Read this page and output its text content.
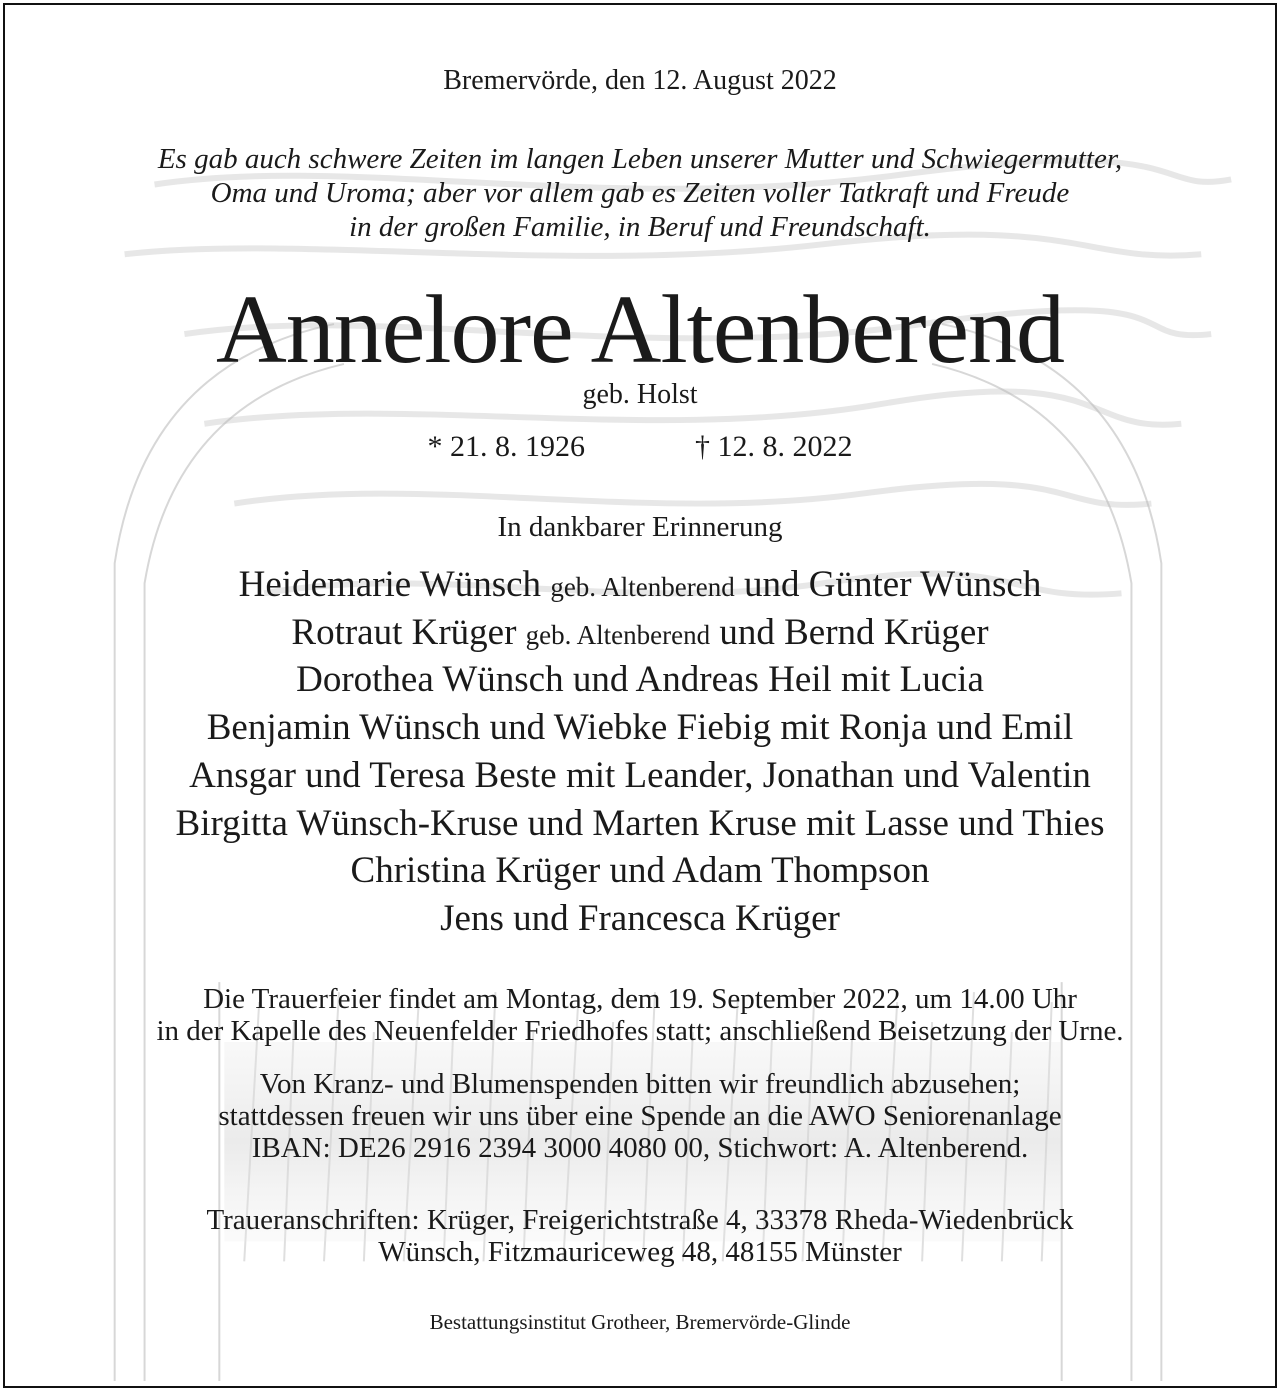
Bremervörde, den 12. August 2022
Es gab auch schwere Zeiten im langen Leben unserer Mutter und Schwiegermutter,
Oma und Uroma; aber vor allem gab es Zeiten voller Tatkraft und Freude
in der großen Familie, in Beruf und Freundschaft.
Annelore Altenberend
geb. Holst
* 21. 8. 1926	† 12. 8. 2022
In dankbarer Erinnerung
Heidemarie Wünsch geb. Altenberend und Günter Wünsch
Rotraut Krüger geb. Altenberend und Bernd Krüger
Dorothea Wünsch und Andreas Heil mit Lucia
Benjamin Wünsch und Wiebke Fiebig mit Ronja und Emil
Ansgar und Teresa Beste mit Leander, Jonathan und Valentin
Birgitta Wünsch-Kruse und Marten Kruse mit Lasse und Thies
Christina Krüger und Adam Thompson
Jens und Francesca Krüger
Die Trauerfeier findet am Montag, dem 19. September 2022, um 14.00 Uhr
in der Kapelle des Neuenfelder Friedhofes statt; anschließend Beisetzung der Urne.
Von Kranz- und Blumenspenden bitten wir freundlich abzusehen;
stattdessen freuen wir uns über eine Spende an die AWO Seniorenanlage
IBAN: DE26 2916 2394 3000 4080 00, Stichwort: A. Altenberend.
Traueranschriften: Krüger, Freigerichtstraße 4, 33378 Rheda-Wiedenbrück
Wünsch, Fitzmauriceweg 48, 48155 Münster
Bestattungsinstitut Grotheer, Bremervörde-Glinde
